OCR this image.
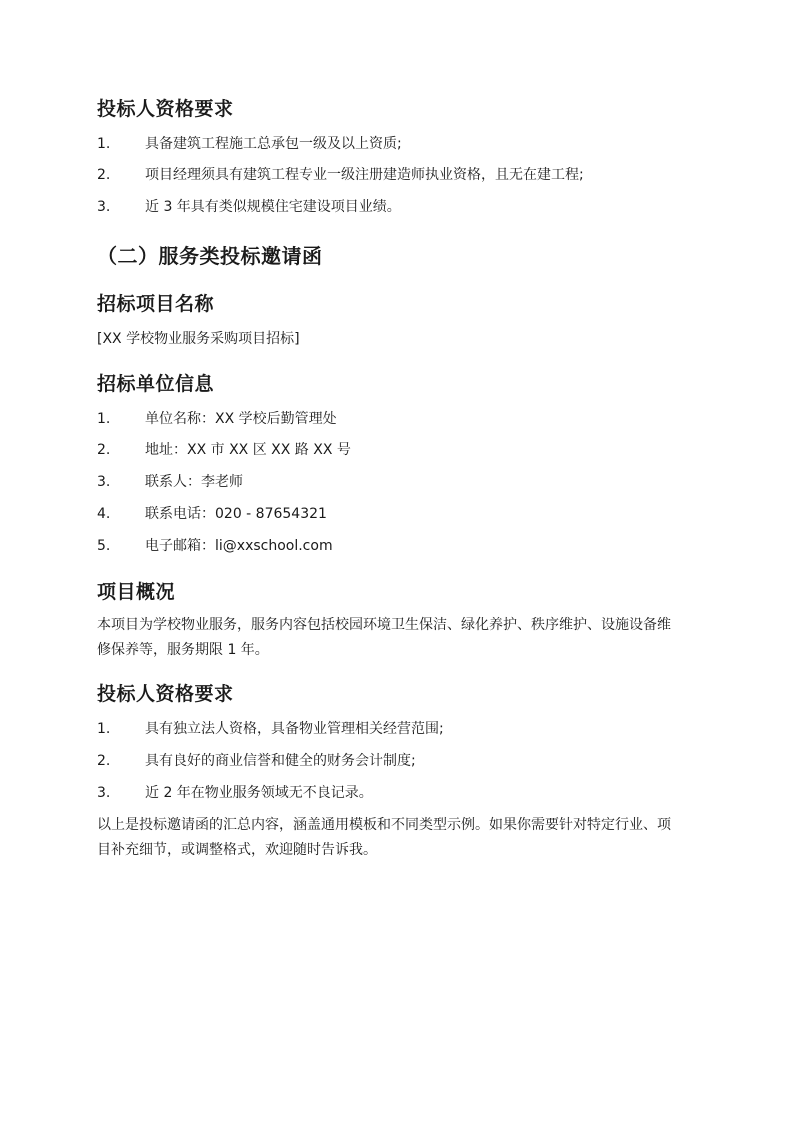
投标人资格要求
1. 具备建筑工程施工总承包一级及以上资质;
2. 项目经理须具有建筑工程专业一级注册建造师执业资格，且无在建工程;
3. 近 3 年具有类似规模住宅建设项目业绩。
（二）服务类投标邀请函
招标项目名称
[XX 学校物业服务采购项目招标]
招标单位信息
1. 单位名称：XX 学校后勤管理处
2. 地址：XX 市 XX 区 XX 路 XX 号
3. 联系人：李老师
4. 联系电话：020 - 87654321
5. 电子邮箱：li@xxschool.com
项目概况
本项目为学校物业服务，服务内容包括校园环境卫生保洁、绿化养护、秩序维护、设施设备维
修保养等，服务期限 1 年。
投标人资格要求
1. 具有独立法人资格，具备物业管理相关经营范围;
2. 具有良好的商业信誉和健全的财务会计制度;
3. 近 2 年在物业服务领域无不良记录。
以上是投标邀请函的汇总内容，涵盖通用模板和不同类型示例。如果你需要针对特定行业、项
目补充细节，或调整格式，欢迎随时告诉我。
